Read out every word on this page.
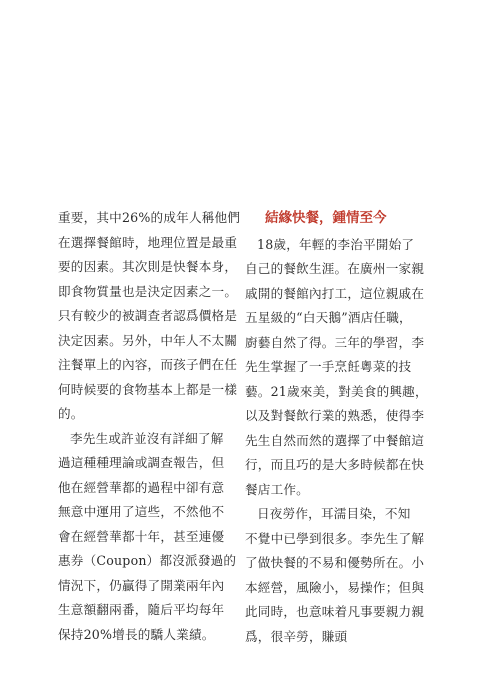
重要，其中26%的成年人稱他們
在選擇餐館時，地理位置是最重
要的因素。其次則是快餐本身，
即食物質量也是決定因素之一。
只有較少的被調查者認爲價格是
決定因素。另外，中年人不太關
注餐單上的內容，而孩子們在任
何時候要的食物基本上都是一樣
的。
李先生或許並沒有詳細了解
過這種種理論或調查報告，但
他在經營華都的過程中卻有意
無意中運用了這些，不然他不
會在經營華都十年，甚至連優
惠券（Coupon）都沒派發過的
情況下，仍贏得了開業兩年內
生意額翻兩番，隨后平均每年
保持20%增長的驕人業績。
結緣快餐，鍾情至今
18歲，年輕的李治平開始了
自己的餐飲生涯。在廣州一家親
戚開的餐館內打工，這位親戚在
五星級的“白天鵝”酒店任職，
廚藝自然了得。三年的學習，李
先生掌握了一手烹飪粵菜的技
藝。21歲來美，對美食的興趣，
以及對餐飲行業的熟悉，使得李
先生自然而然的選擇了中餐館這
行，而且巧的是大多時候都在快
餐店工作。
日夜勞作，耳濡目染，不知
不覺中已學到很多。李先生了解
了做快餐的不易和優勢所在。小
本經營，風險小，易操作；但與
此同時，也意味着凡事要親力親
爲，很辛勞，賺頭
